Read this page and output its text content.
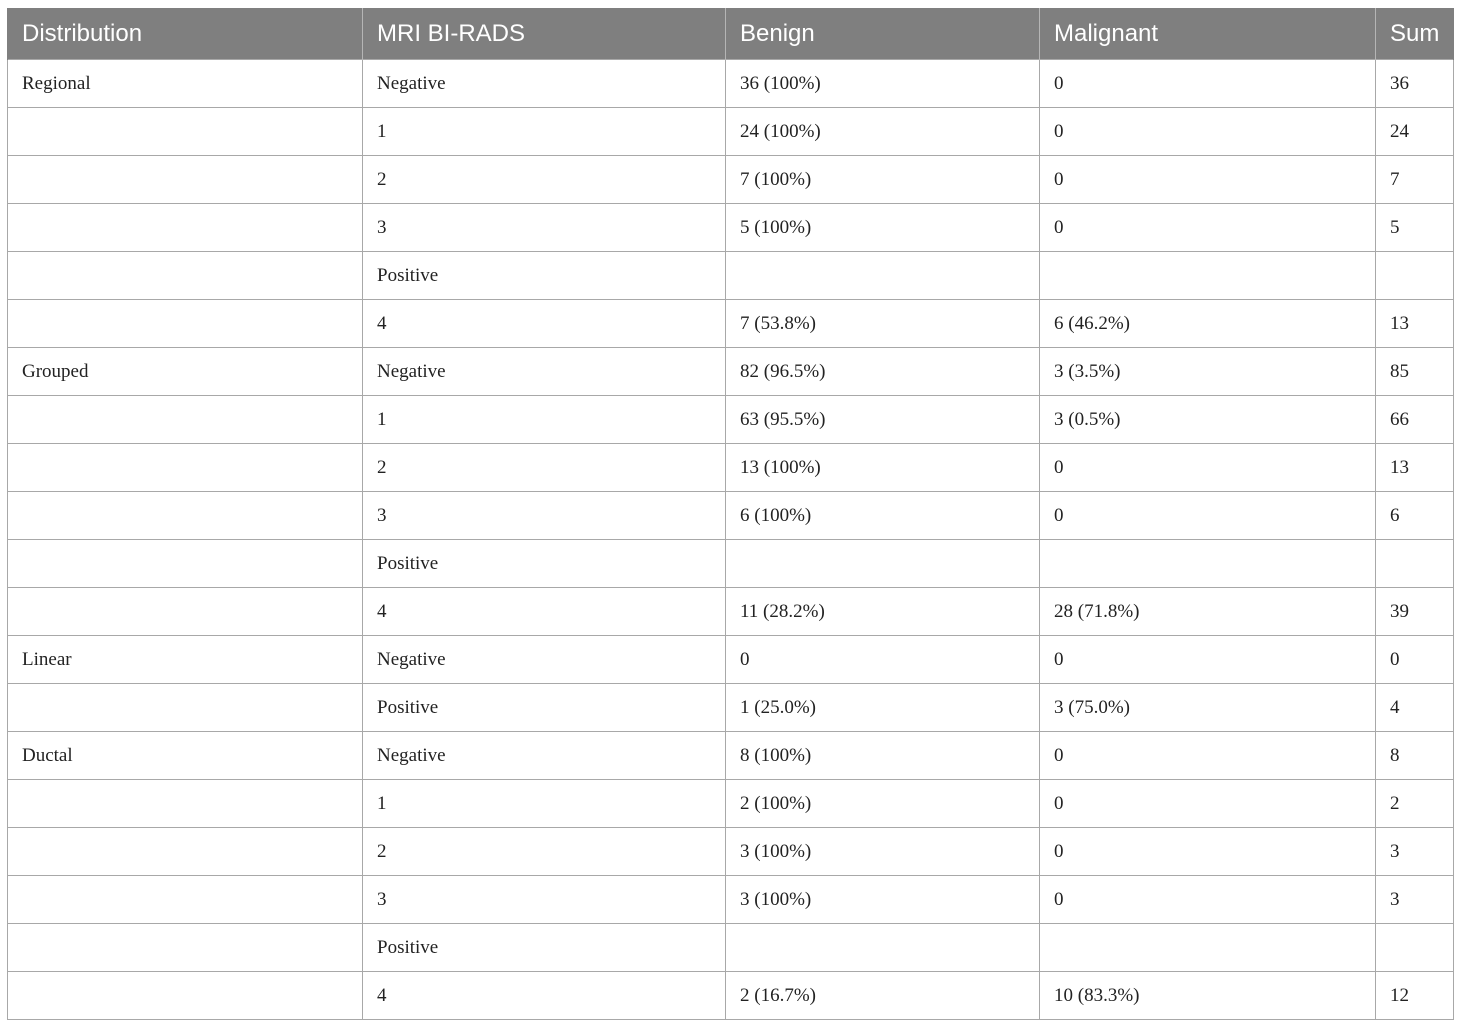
Distribution	MRI BI-RADS	Benign	Malignant	Sum
Regional	Negative	36 (100%)	0	36
	1	24 (100%)	0	24
	2	7 (100%)	0	7
	3	5 (100%)	0	5
	Positive			
	4	7 (53.8%)	6 (46.2%)	13
Grouped	Negative	82 (96.5%)	3 (3.5%)	85
	1	63 (95.5%)	3 (0.5%)	66
	2	13 (100%)	0	13
	3	6 (100%)	0	6
	Positive			
	4	11 (28.2%)	28 (71.8%)	39
Linear	Negative	0	0	0
	Positive	1 (25.0%)	3 (75.0%)	4
Ductal	Negative	8 (100%)	0	8
	1	2 (100%)	0	2
	2	3 (100%)	0	3
	3	3 (100%)	0	3
	Positive			
	4	2 (16.7%)	10 (83.3%)	12
